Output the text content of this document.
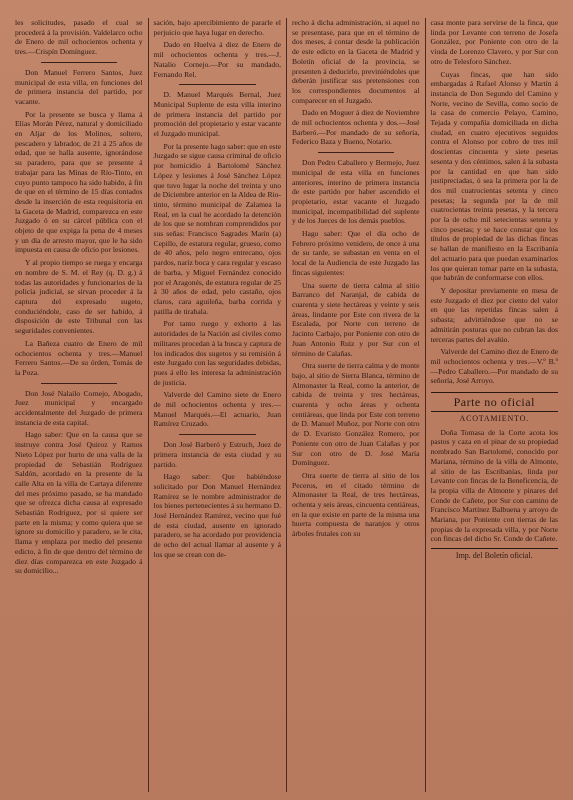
les solicitudes, pasado el cual se procederá á la provisión. Valdelarco ocho de Enero de mil ochocientos ochenta y tres.—Crispín Domínguez.

Don Manuel Ferrero Santos, Juez municipal de esta villa, en funciones del de primera instancia del partido, por vacante.

Por la presente se busca y llama á Elías Morán Pérez, natural y domiciliado en Aljar de los Molinos, soltero, pescadero y labrador, de 21 á 25 años de edad, que se halla ausente, ignorándose su paradero, para que se presente á trabajar para las Minas de Río-Tinto, en cuyo punto tampoco ha sido habido, á fin de que en el término de 15 días contados desde la inserción de esta requisitoria en la Gaceta de Madrid, comparezca en este Juzgado ó en su cárcel pública con el objeto de que expiga la pena de 4 meses y un día de arresto mayor, que le ha sido impuesta en causa de oficio por lesiones.

Y al propio tiempo se ruega y encarga en nombre de S. M. el Rey (q. D. g.) á todas las autoridades y funcionarios de la policía judicial, se sirvan proceder á la captura del expresado sugeto, conduciéndole, caso de ser habido, á disposición de este Tribunal con las seguridades convenientes.

La Bañeza cuatro de Enero de mil ochocientos ochenta y tres.—Manuel Ferrero Santos.—De su órden, Tomás de la Poza.

Don José Nalailo Cornejo, Abogado, Juez municipal y encargado accidentalmente del Juzgado de primera instancia de esta capital.

Hago saber: Que en la causa que se instruye contra José Quiroz y Ramos Nieto López por hurto de una valla de la propiedad de Sebastián Rodríguez Saldón, acordado en la presente de la calle Alta en la villa de Cartaya diferente del mes próximo pasado, se ha mandado que se ofrezca dicha causa al expresado Sebastián Rodríguez, por si quiere ser parte en la misma; y como quiera que se ignore su domicilio y paradero, se le cita, llama y emplaza por medio del presente edicto, á fin de que dentro del término de diez días comparezca en este Juzgado á su domicilio...

sación, bajo apercibimiento de pararle el perjuicio que haya lugar en derecho.

Dado en Huelva á diez de Enero de mil ochocientos ochenta y tres.—J. Natalio Cornejo.—Por su mandado, Fernando Rel.

D. Manuel Marqués Bernal, Juez Municipal Suplente de esta villa interino de primera instancia del partido por promoción del propietario y estar vacante el Juzgado municipal.

Por la presente hago saber: que en este Juzgado se sigue causa criminal de oficio por homicidio á Bartolomé Sánchez López y lesiones á José Sánchez López que tuvo lugar la noche del treinta y uno de Diciembre anterior en la Aldea de Rio-tinto, término municipal de Zalamea la Real, en la cual he acordado la detención de los que se nombran comprendidos por sus señas: Francisco Sagrades Marín (a) Cepillo, de estatura regular, grueso, como de 40 años, pelo negro entrecano, ojos pardos, nariz boca y cara regular y escaso de barba, y Miguel Fernández conocido por el Aragonés, de estatura regular de 25 á 30 años de edad, pelo castaño, ojos claros, cara aguileña, barba corrida y patilla de tirabala.

Por tanto ruego y exhorto á las autoridades de la Nación así civiles como militares procedan á la busca y captura de los indicados dos sugetos y su remisión á este Juzgado con las seguridades debidas, pues á ello les interesa la administración de justicia.

Valverde del Camino siete de Enero de mil ochocientos ochenta y tres.—Manuel Marqués.—El actuario, Juan Ramírez Cruzado.

Don José Barberó y Estruch, Juez de primera instancia de esta ciudad y su partido.

Hago saber: Que habiéndose solicitado por Don Manuel Hernández Ramírez se le nombre administrador de los bienes pertenecientes á su hermano D. José Hernández Ramírez, vecino que fué de esta ciudad, ausente en ignorado paradero, se ha acordado por providencia de ocho del actual llamar al ausente y á los que se crean con de-

recho á dicha administración, si aquel no se presentase, para que en el término de dos meses, á contar desde la publicación de este edicto en la Gaceta de Madrid y Boletín oficial de la provincia, se presenten á deducirlo, previniéndoles que deberán justificar sus pretensiones con los correspondientes documentos al comparecer en el Juzgado.

Dado en Moguer á diez de Noviembre de mil ochocientos ochenta y dos.—José Barberó.—Por mandado de su señoría, Federico Baza y Bueno, Notario.

Don Pedro Caballero y Bermejo, Juez municipal de esta villa en funciones anteriores, interino de primera instancia de este partido por haber ascendido el propietario, estar vacante el Juzgado municipal, incompatibilidad del suplente y de los Jueces de los demás pueblos.

Hago saber: Que el día ocho de Febrero próximo venidero, de once á una de su tarde, se subastan en venta en el local de la Audiencia de este Juzgado las fincas siguientes:

Una suerte de tierra calma al sitio Barranco del Naranjal, de cabida de cuarenta y siete hectáreas y veinte y seis áreas, lindante por Este con rivera de la Escalada, por Norte con terreno de Jacinto Carbajo, por Poniente con otro de Juan Antonio Ruiz y por Sur con el término de Calañas.

Otra suerte de tierra calma y de monte bajo, al sitio de Sierra Blanca, término de Almonaster la Real, como la anterior, de cabida de treinta y tres hectáreas, cuarenta y ocho áreas y ochenta centiáreas, que linda por Este con terreno de D. Manuel Muñoz, por Norte con otro de D. Evaristo González Romero, por Poniente con otro de Juan Calañas y por Sur con otro de D. José María Domínguez.

Otra suerte de tierra al sitio de los Peceros, en el citado término de Almonaster la Real, de tres hectáreas, ochenta y seis áreas, cincuenta centiáreas, en la que existe en parte de la misma una huerta compuesta de naranjos y otros árboles frutales con su

casa monte para servirse de la finca, que linda por Levante con terreno de Josefa González, por Poniente con otro de la viuda de Lorenzo Clavero, y por Sur con otro de Telesforo Sánchez.

Cuyas fincas, que han sido embargadas á Rafael Alonso y Martín á instancia de Don Segundo del Camino y Norte, vecino de Sevilla, como socio de la casa de comercio Pelayo, Camino, Tejada y compañía domiciliada en dicha ciudad, en cuatro ejecutivos seguidos contra el Alonso por cobro de tres mil doscientas cincuenta y siete pesetas sesenta y dos céntimos, salen á la subasta por la cantidad en que han sido justipreciadas, ó sea la primera por la de dos mil cuatrocientas setenta y cinco pesetas; la segunda por la de mil cuatrocientas treinta pesetas, y la tercera por la de ocho mil setecientas setenta y cinco pesetas; y se hace constar que los títulos de propiedad de las dichas fincas se hallan de manifiesto en la Escribanía del actuario para que puedan examinarlos los que quieran tomar parte en la subasta, que habrán de conformarse con ellos.

Y depositar previamente en mesa de este Juzgado el diez por ciento del valor en que las repetidas fincas salen á subasta; advirtiéndose que no se admitirán posturas que no cubran las dos terceras partes del avalúo.

Valverde del Camino diez de Enero de mil ochocientos ochenta y tres.—V.º B.º—Pedro Caballero.—Por mandado de su señoría, José Arroyo.

Parte no oficial
ACOTAMIENTO.

Doña Tomasa de la Corte acota los pastos y caza en el pinar de su propiedad nombrado San Bartolomé, conocido por Mariana, término de la villa de Almonte, al sitio de las Escribanías, linda por Levante con fincas de la Beneficencia, de la propia villa de Almonte y pinares del Conde de Cañete, por Sur con camino de Francisco Martínez Balbuena y arroyo de Mariana, por Poniente con tierras de las propias de la expresada villa, y por Norte con fincas del dicho Sr. Conde de Cañete.

Imp. del Boletín oficial.
